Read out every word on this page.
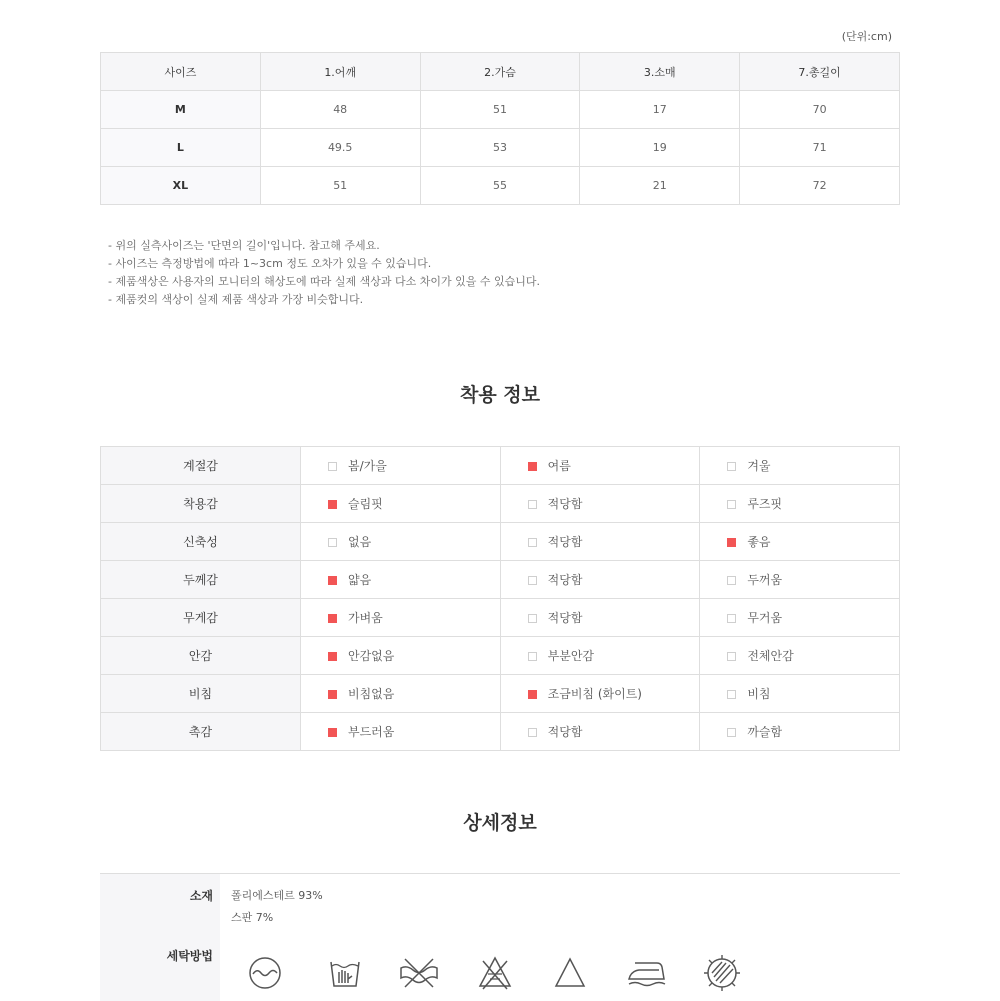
(단위:cm)
사이즈	1.어깨	2.가슴	3.소매	7.총길이
M	48	51	17	70
L	49.5	53	19	71
XL	51	55	21	72
- 위의 실측사이즈는 '단면의 길이'입니다. 참고해 주세요.
- 사이즈는 측정방법에 따라 1~3cm 정도 오차가 있을 수 있습니다.
- 제품색상은 사용자의 모니터의 해상도에 따라 실제 색상과 다소 차이가 있을 수 있습니다.
- 제품컷의 색상이 실제 제품 색상과 가장 비슷합니다.
착용 정보
계절감	봄/가을	여름	겨울
착용감	슬림핏	적당함	루즈핏
신축성	없음	적당함	좋음
두께감	얇음	적당함	두꺼움
무게감	가벼움	적당함	무거움
안감	안감없음	부분안감	전체안감
비침	비침없음	조금비침 (화이트)	비침
촉감	부드러움	적당함	까슬함
상세정보
소재 폴리에스테르 93%
스판 7%
세탁방법
